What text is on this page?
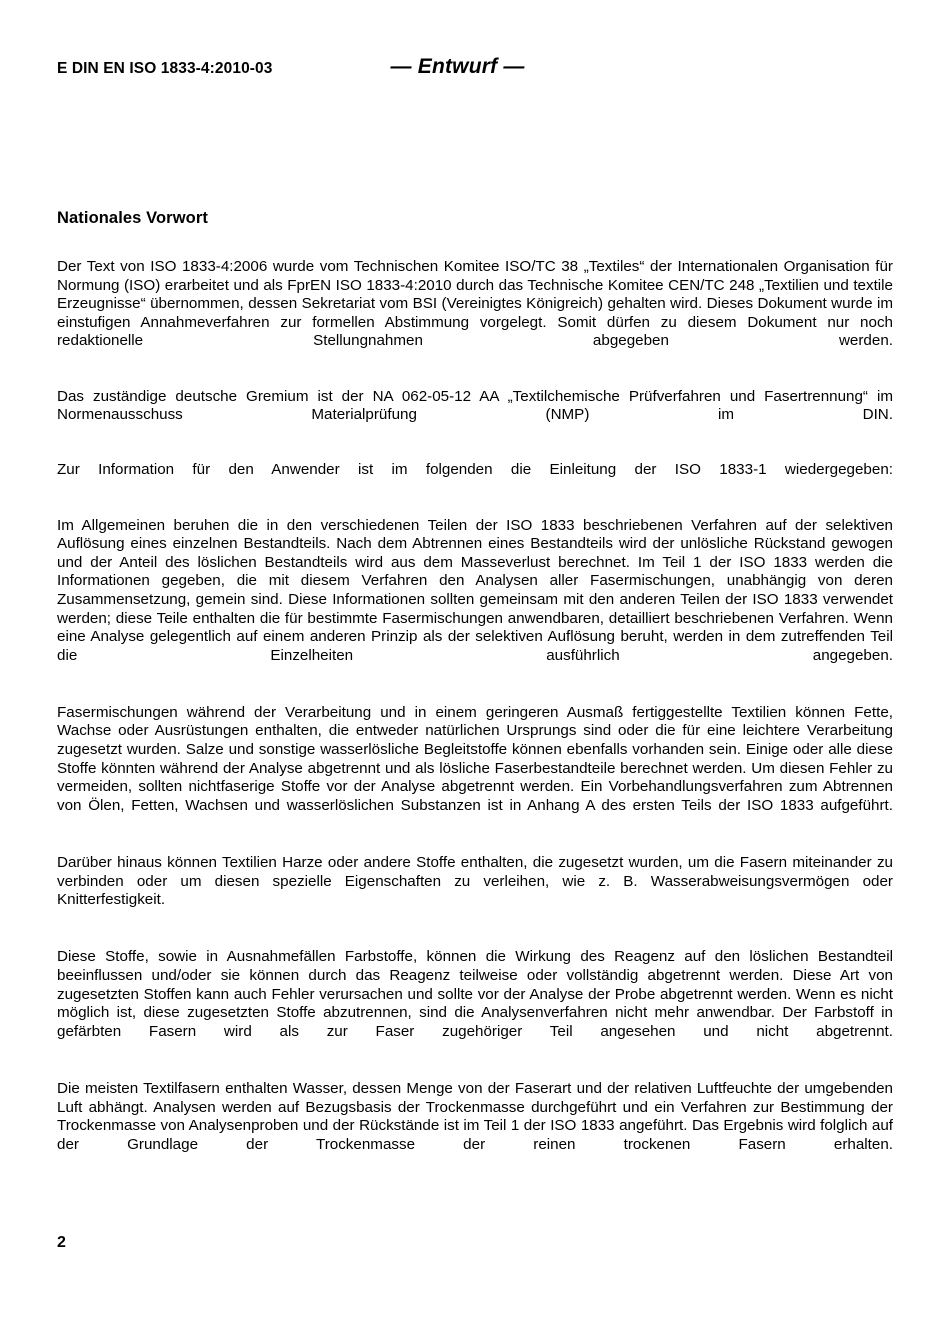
E DIN EN ISO 1833-4:2010-03	— Entwurf —
Nationales Vorwort

Der Text von ISO 1833-4:2006 wurde vom Technischen Komitee ISO/TC 38 „Textiles“ der Internationalen Organisation für Normung (ISO) erarbeitet und als FprEN ISO 1833-4:2010 durch das Technische Komitee CEN/TC 248 „Textilien und textile Erzeugnisse“ übernommen, dessen Sekretariat vom BSI (Vereinigtes Königreich) gehalten wird. Dieses Dokument wurde im einstufigen Annahmeverfahren zur formellen Abstimmung vorgelegt. Somit dürfen zu diesem Dokument nur noch redaktionelle Stellungnahmen abgegeben werden.

Das zuständige deutsche Gremium ist der NA 062-05-12 AA „Textilchemische Prüfverfahren und Fasertrennung“ im Normenausschuss Materialprüfung (NMP) im DIN.

Zur Information für den Anwender ist im folgenden die Einleitung der ISO 1833-1 wiedergegeben:

Im Allgemeinen beruhen die in den verschiedenen Teilen der ISO 1833 beschriebenen Verfahren auf der selektiven Auflösung eines einzelnen Bestandteils. Nach dem Abtrennen eines Bestandteils wird der unlösliche Rückstand gewogen und der Anteil des löslichen Bestandteils wird aus dem Masseverlust berechnet. Im Teil 1 der ISO 1833 werden die Informationen gegeben, die mit diesem Verfahren den Analysen aller Fasermischungen, unabhängig von deren Zusammensetzung, gemein sind. Diese Informationen sollten gemeinsam mit den anderen Teilen der ISO 1833 verwendet werden; diese Teile enthalten die für bestimmte Fasermischungen anwendbaren, detailliert beschriebenen Verfahren. Wenn eine Analyse gelegentlich auf einem anderen Prinzip als der selektiven Auflösung beruht, werden in dem zutreffenden Teil die Einzelheiten ausführlich angegeben.

Fasermischungen während der Verarbeitung und in einem geringeren Ausmaß fertiggestellte Textilien können Fette, Wachse oder Ausrüstungen enthalten, die entweder natürlichen Ursprungs sind oder die für eine leichtere Verarbeitung zugesetzt wurden. Salze und sonstige wasserlösliche Begleitstoffe können ebenfalls vorhanden sein. Einige oder alle diese Stoffe könnten während der Analyse abgetrennt und als lösliche Faserbestandteile berechnet werden. Um diesen Fehler zu vermeiden, sollten nichtfaserige Stoffe vor der Analyse abgetrennt werden. Ein Vorbehandlungsverfahren zum Abtrennen von Ölen, Fetten, Wachsen und wasserlöslichen Substanzen ist in Anhang A des ersten Teils der ISO 1833 aufgeführt.

Darüber hinaus können Textilien Harze oder andere Stoffe enthalten, die zugesetzt wurden, um die Fasern miteinander zu verbinden oder um diesen spezielle Eigenschaften zu verleihen, wie z. B. Wasserabweisungsvermögen oder Knitterfestigkeit.

Diese Stoffe, sowie in Ausnahmefällen Farbstoffe, können die Wirkung des Reagenz auf den löslichen Bestandteil beeinflussen und/oder sie können durch das Reagenz teilweise oder vollständig abgetrennt werden. Diese Art von zugesetzten Stoffen kann auch Fehler verursachen und sollte vor der Analyse der Probe abgetrennt werden. Wenn es nicht möglich ist, diese zugesetzten Stoffe abzutrennen, sind die Analysenverfahren nicht mehr anwendbar. Der Farbstoff in gefärbten Fasern wird als zur Faser zugehöriger Teil angesehen und nicht abgetrennt.

Die meisten Textilfasern enthalten Wasser, dessen Menge von der Faserart und der relativen Luftfeuchte der umgebenden Luft abhängt. Analysen werden auf Bezugsbasis der Trockenmasse durchgeführt und ein Verfahren zur Bestimmung der Trockenmasse von Analysenproben und der Rückstände ist im Teil 1 der ISO 1833 angeführt. Das Ergebnis wird folglich auf der Grundlage der Trockenmasse der reinen trockenen Fasern erhalten.

2
